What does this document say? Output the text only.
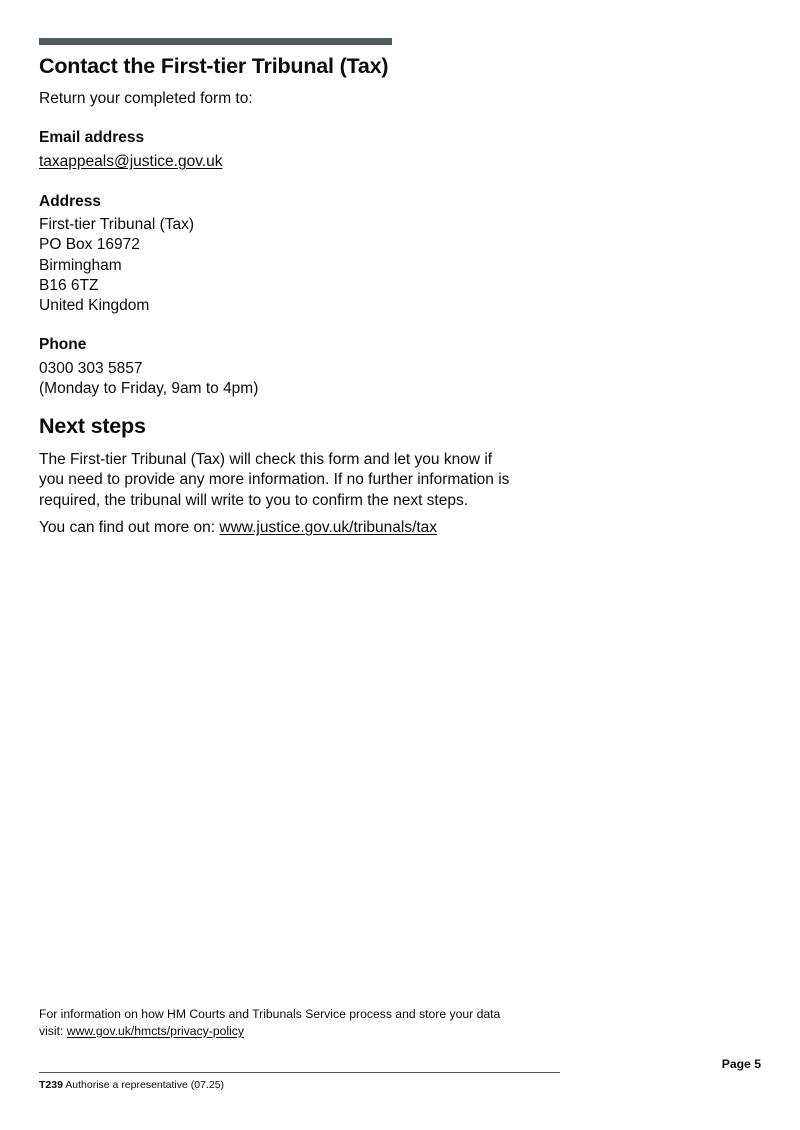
Contact the First-tier Tribunal (Tax)

Return your completed form to:

Email address

taxappeals@justice.gov.uk

Address

First-tier Tribunal (Tax)
PO Box 16972
Birmingham
B16 6TZ
United Kingdom

Phone

0300 303 5857
(Monday to Friday, 9am to 4pm)
Next steps
The First-tier Tribunal (Tax) will check this form and let you know if
you need to provide any more information. If no further information is
required, the tribunal will write to you to confirm the next steps.

You can find out more on: www.justice.gov.uk/tribunals/tax

For information on how HM Courts and Tribunals Service process and store your data
visit: www.gov.uk/hmcts/privacy-policy
Page 5
T239 Authorise a representative (07.25)
